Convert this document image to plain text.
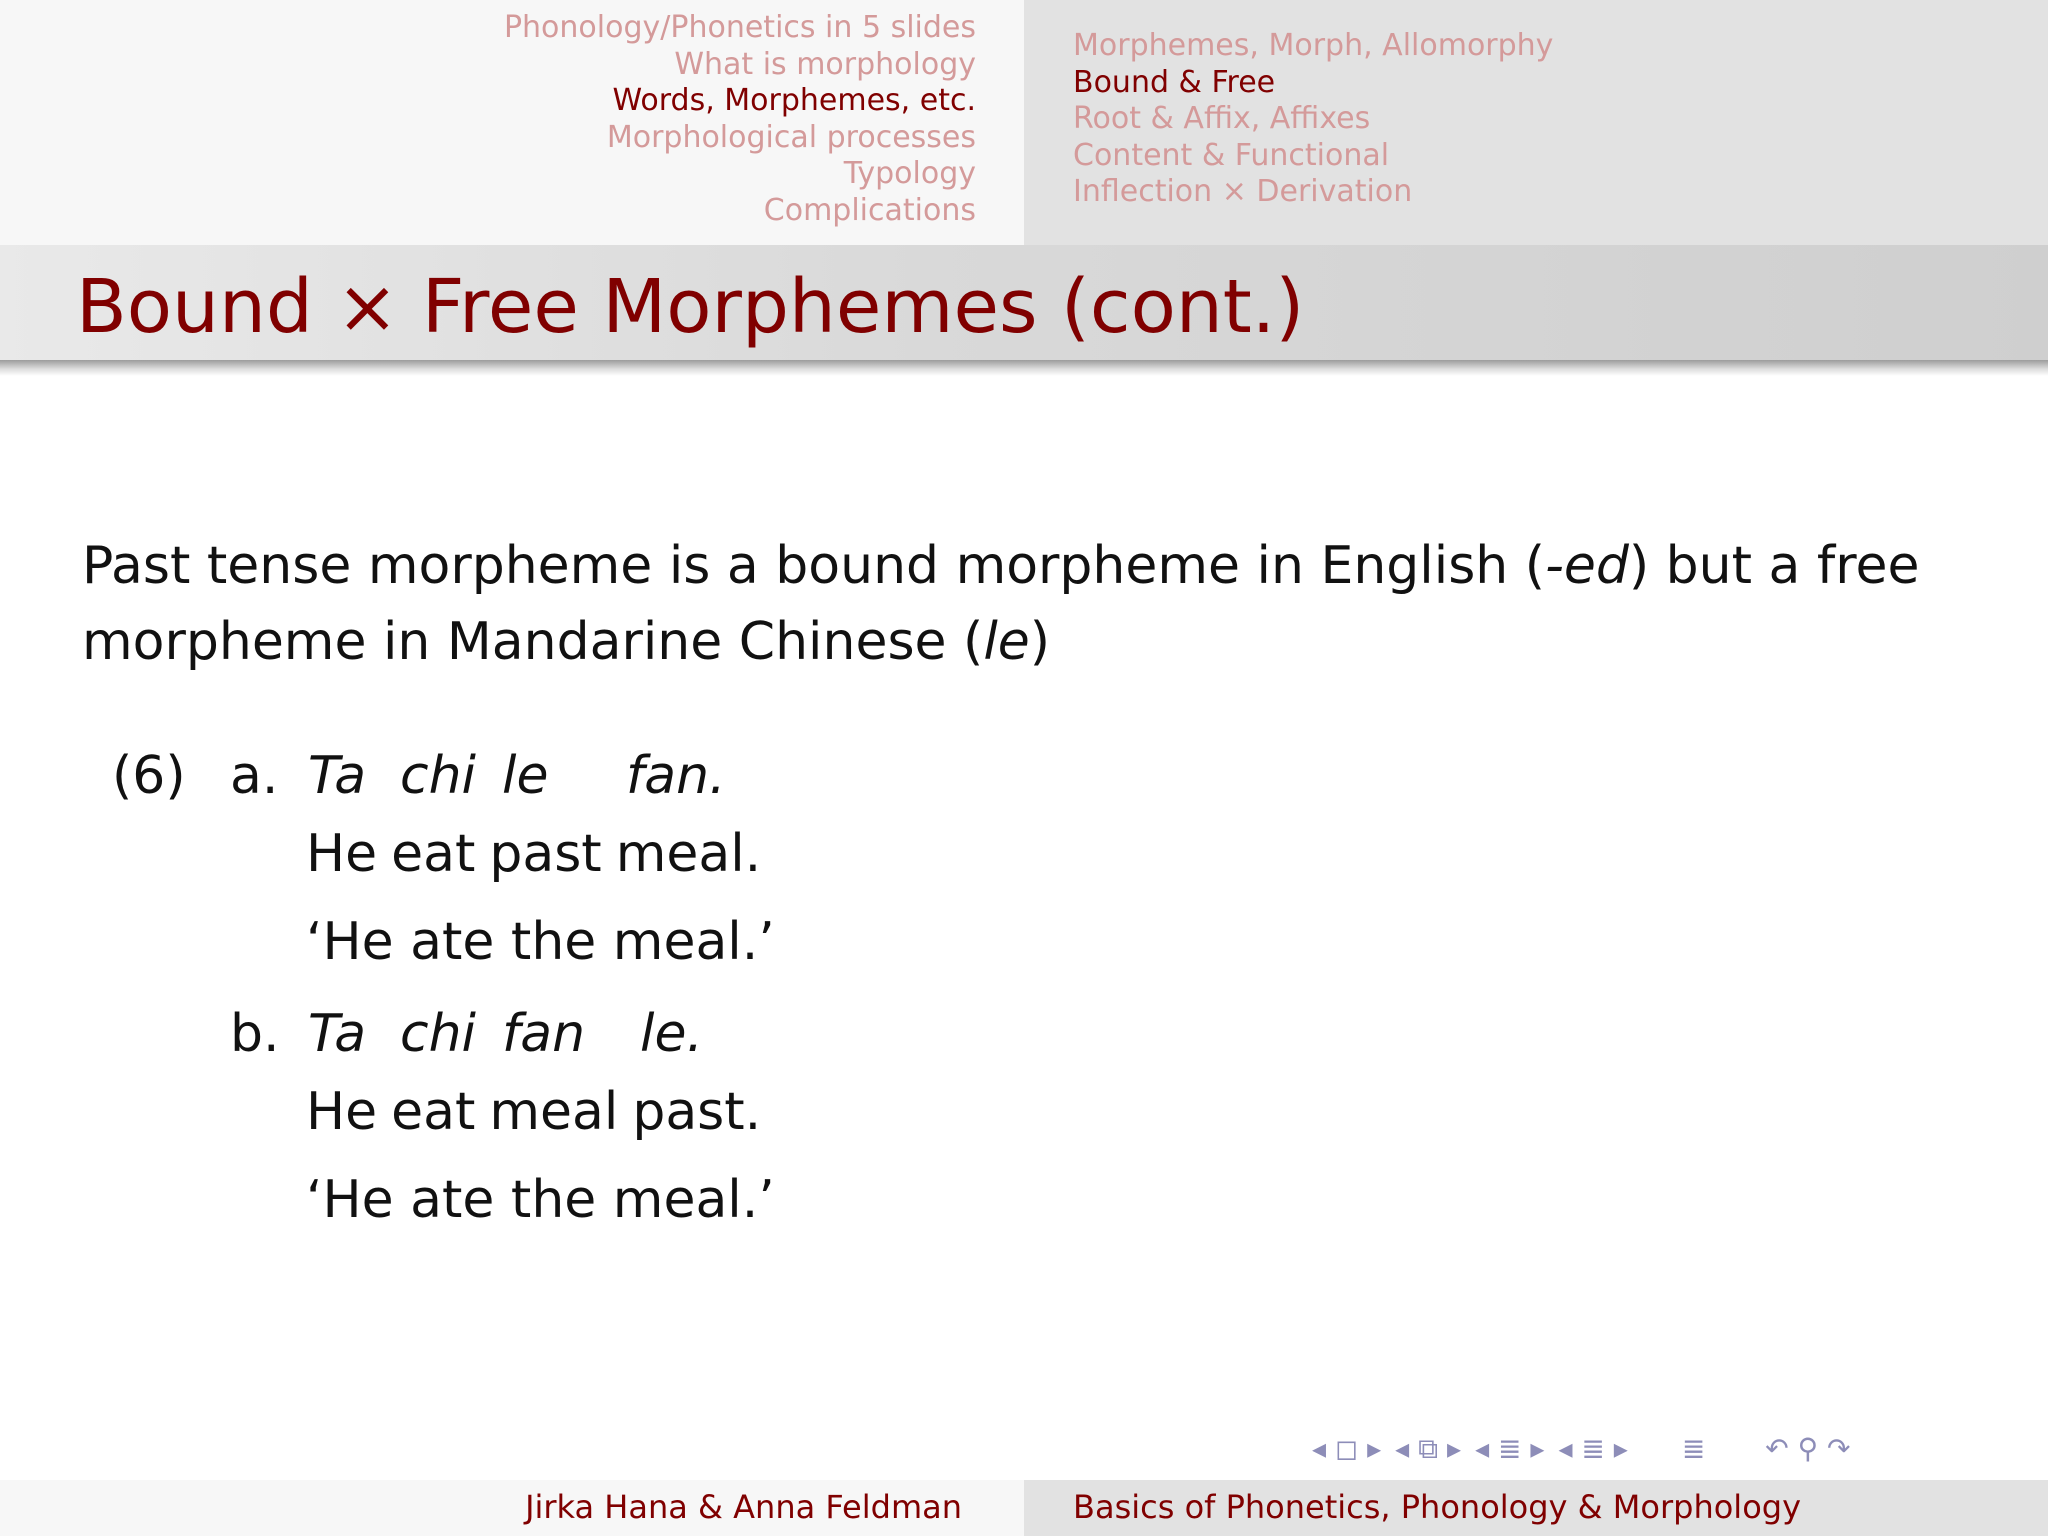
Phonology/Phonetics in 5 slides
What is morphology
Words, Morphemes, etc.
Morphological processes
Typology
Complications
Morphemes, Morph, Allomorphy
Bound & Free
Root & Affix, Affixes
Content & Functional
Inflection × Derivation
Bound × Free Morphemes (cont.)

Past tense morpheme is a bound morpheme in English (-ed) but a free morpheme in Mandarine Chinese (le)

(6) a. Ta chi le fan.
He eat past meal.
‘He ate the meal.’
b. Ta chi fan le.
He eat meal past.
‘He ate the meal.’
◂ ◻ ▸ ◂ ⧉ ▸ ◂ ≣ ▸ ◂ ≣ ▸ ≣ ↶ ⚲ ↷
Jirka Hana & Anna Feldman	Basics of Phonetics, Phonology & Morphology
